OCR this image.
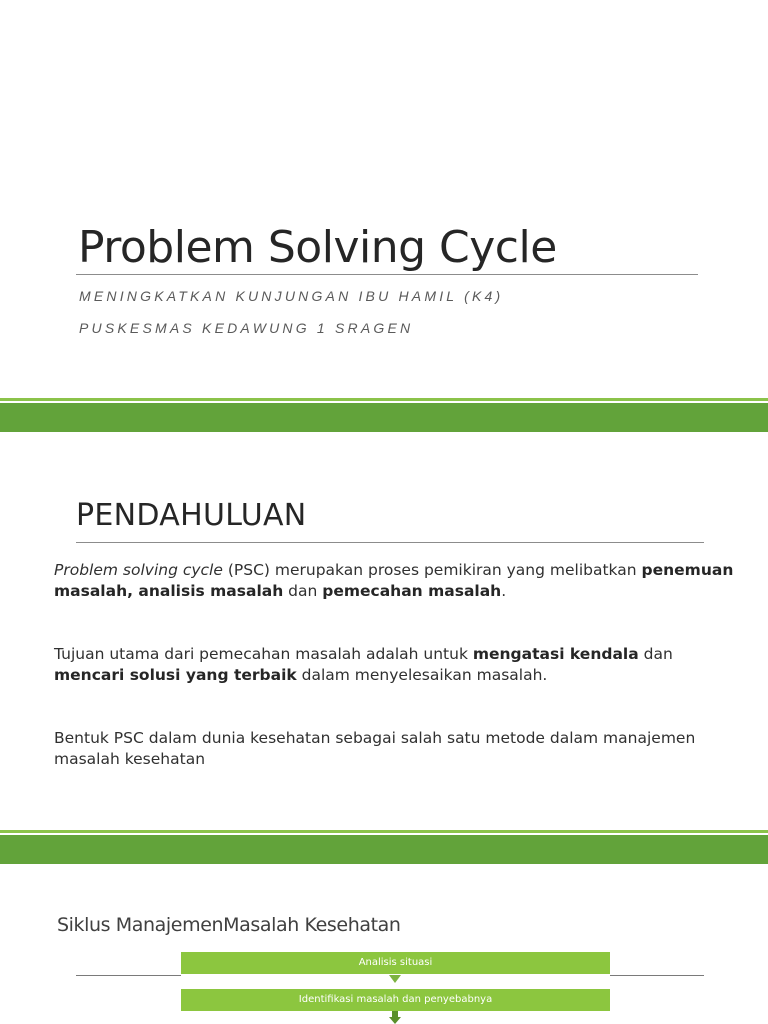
Problem Solving Cycle
MENINGKATKAN KUNJUNGAN IBU HAMIL (K4)
PUSKESMAS KEDAWUNG 1 SRAGEN
PENDAHULUAN
Problem solving cycle (PSC) merupakan proses pemikiran yang melibatkan penemuan masalah, analisis masalah dan pemecahan masalah.
Tujuan utama dari pemecahan masalah adalah untuk mengatasi kendala dan mencari solusi yang terbaik dalam menyelesaikan masalah.
Bentuk PSC dalam dunia kesehatan sebagai salah satu metode dalam manajemen masalah kesehatan
Siklus ManajemenMasalah Kesehatan
Analisis situasi
Identifikasi masalah dan penyebabnya
